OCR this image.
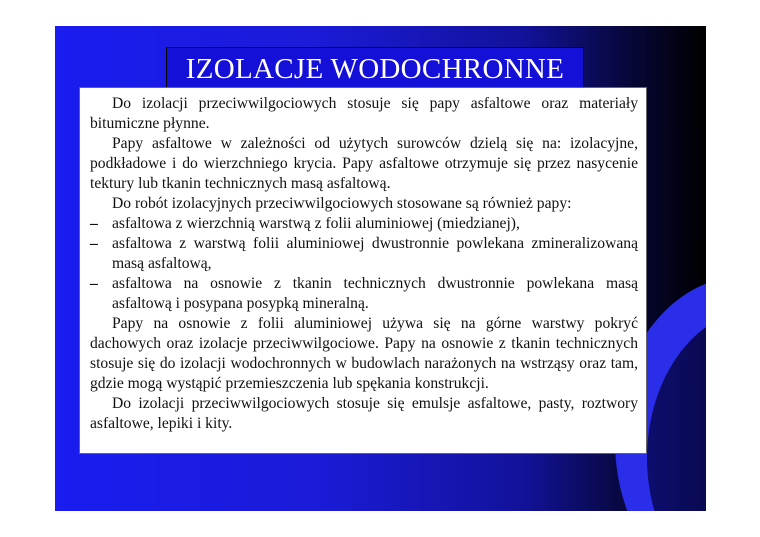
IZOLACJE WODOCHRONNE

Do izolacji przeciwwilgociowych stosuje się papy asfaltowe oraz materiały bitumiczne płynne.

Papy asfaltowe w zależności od użytych surowców dzielą się na: izolacyjne, podkładowe i do wierzchniego krycia. Papy asfaltowe otrzymuje się przez nasycenie tektury lub tkanin technicznych masą asfaltową.

Do robót izolacyjnych przeciwwilgociowych stosowane są również papy:

– asfaltowa z wierzchnią warstwą z folii aluminiowej (miedzianej),

– asfaltowa z warstwą folii aluminiowej dwustronnie powlekana zmineralizowaną masą asfaltową,

– asfaltowa na osnowie z tkanin technicznych dwustronnie powlekana masą asfaltową i posypana posypką mineralną.

Papy na osnowie z folii aluminiowej używa się na górne warstwy pokryć dachowych oraz izolacje przeciwwilgociowe. Papy na osnowie z tkanin technicznych stosuje się do izolacji wodochronnych w budowlach narażonych na wstrząsy oraz tam, gdzie mogą wystąpić przemieszczenia lub spękania konstrukcji.

Do izolacji przeciwwilgociowych stosuje się emulsje asfaltowe, pasty, roztwory asfaltowe, lepiki i kity.
